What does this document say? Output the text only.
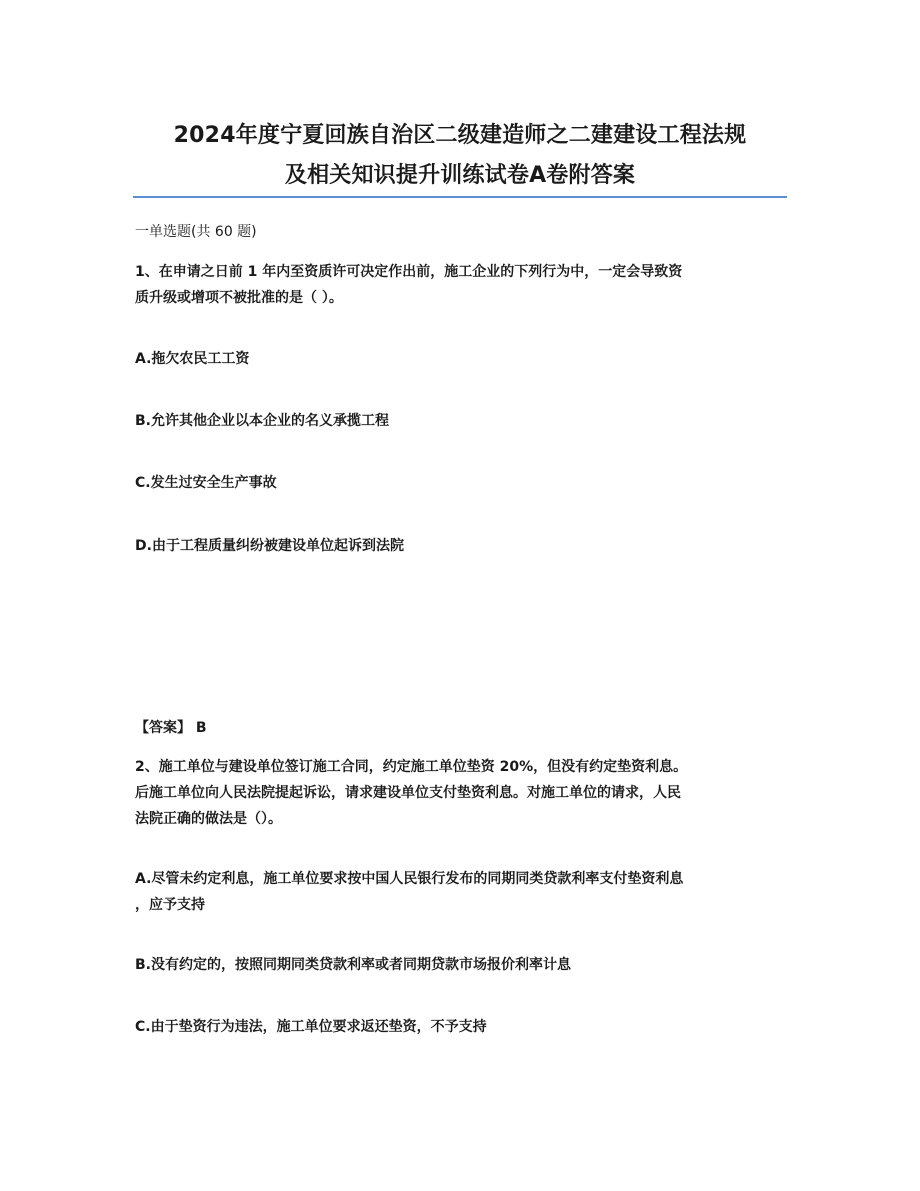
2024年度宁夏回族自治区二级建造师之二建建设工程法规
及相关知识提升训练试卷A卷附答案

一单选题(共 60 题)

1、在申请之日前 1 年内至资质许可决定作出前，施工企业的下列行为中，一定会导致资

质升级或增项不被批准的是（ ）。

A.拖欠农民工工资

B.允许其他企业以本企业的名义承揽工程

C.发生过安全生产事故

D.由于工程质量纠纷被建设单位起诉到法院

【答案】 B

2、施工单位与建设单位签订施工合同，约定施工单位垫资 20%，但没有约定垫资利息。

后施工单位向人民法院提起诉讼，请求建设单位支付垫资利息。对施工单位的请求，人民

法院正确的做法是（）。

A.尽管未约定利息，施工单位要求按中国人民银行发布的同期同类贷款利率支付垫资利息

，应予支持

B.没有约定的，按照同期同类贷款利率或者同期贷款市场报价利率计息

C.由于垫资行为违法，施工单位要求返还垫资，不予支持
